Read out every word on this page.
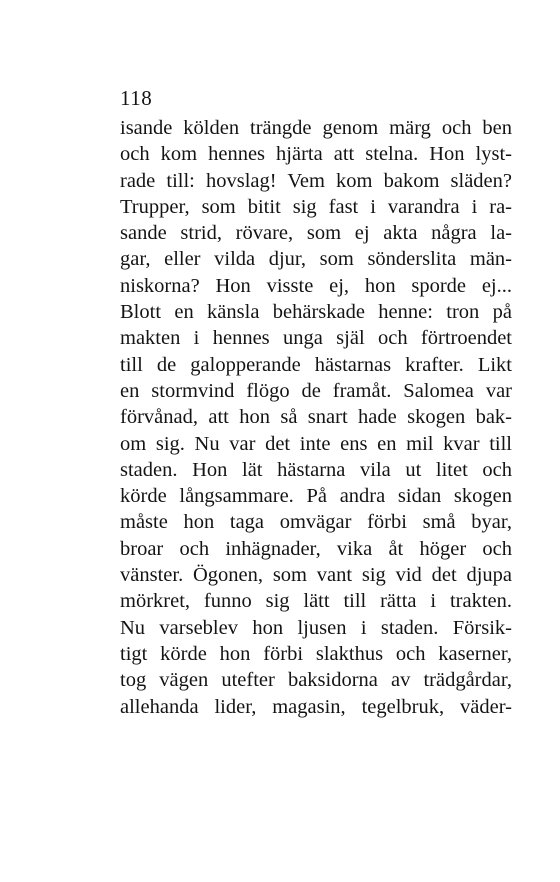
118
isande kölden trängde genom märg och ben
och kom hennes hjärta att stelna. Hon lyst-
rade till: hovslag! Vem kom bakom släden?
Trupper, som bitit sig fast i varandra i ra-
sande strid, rövare, som ej akta några la-
gar, eller vilda djur, som sönderslita män-
niskorna? Hon visste ej, hon sporde ej...
Blott en känsla behärskade henne: tron på
makten i hennes unga själ och förtroendet
till de galopperande hästarnas krafter. Likt
en stormvind flögo de framåt. Salomea var
förvånad, att hon så snart hade skogen bak-
om sig. Nu var det inte ens en mil kvar till
staden. Hon lät hästarna vila ut litet och
körde långsammare. På andra sidan skogen
måste hon taga omvägar förbi små byar,
broar och inhägnader, vika åt höger och
vänster. Ögonen, som vant sig vid det djupa
mörkret, funno sig lätt till rätta i trakten.
Nu varseblev hon ljusen i staden. Försik-
tigt körde hon förbi slakthus och kaserner,
tog vägen utefter baksidorna av trädgårdar,
allehanda lider, magasin, tegelbruk, väder-
